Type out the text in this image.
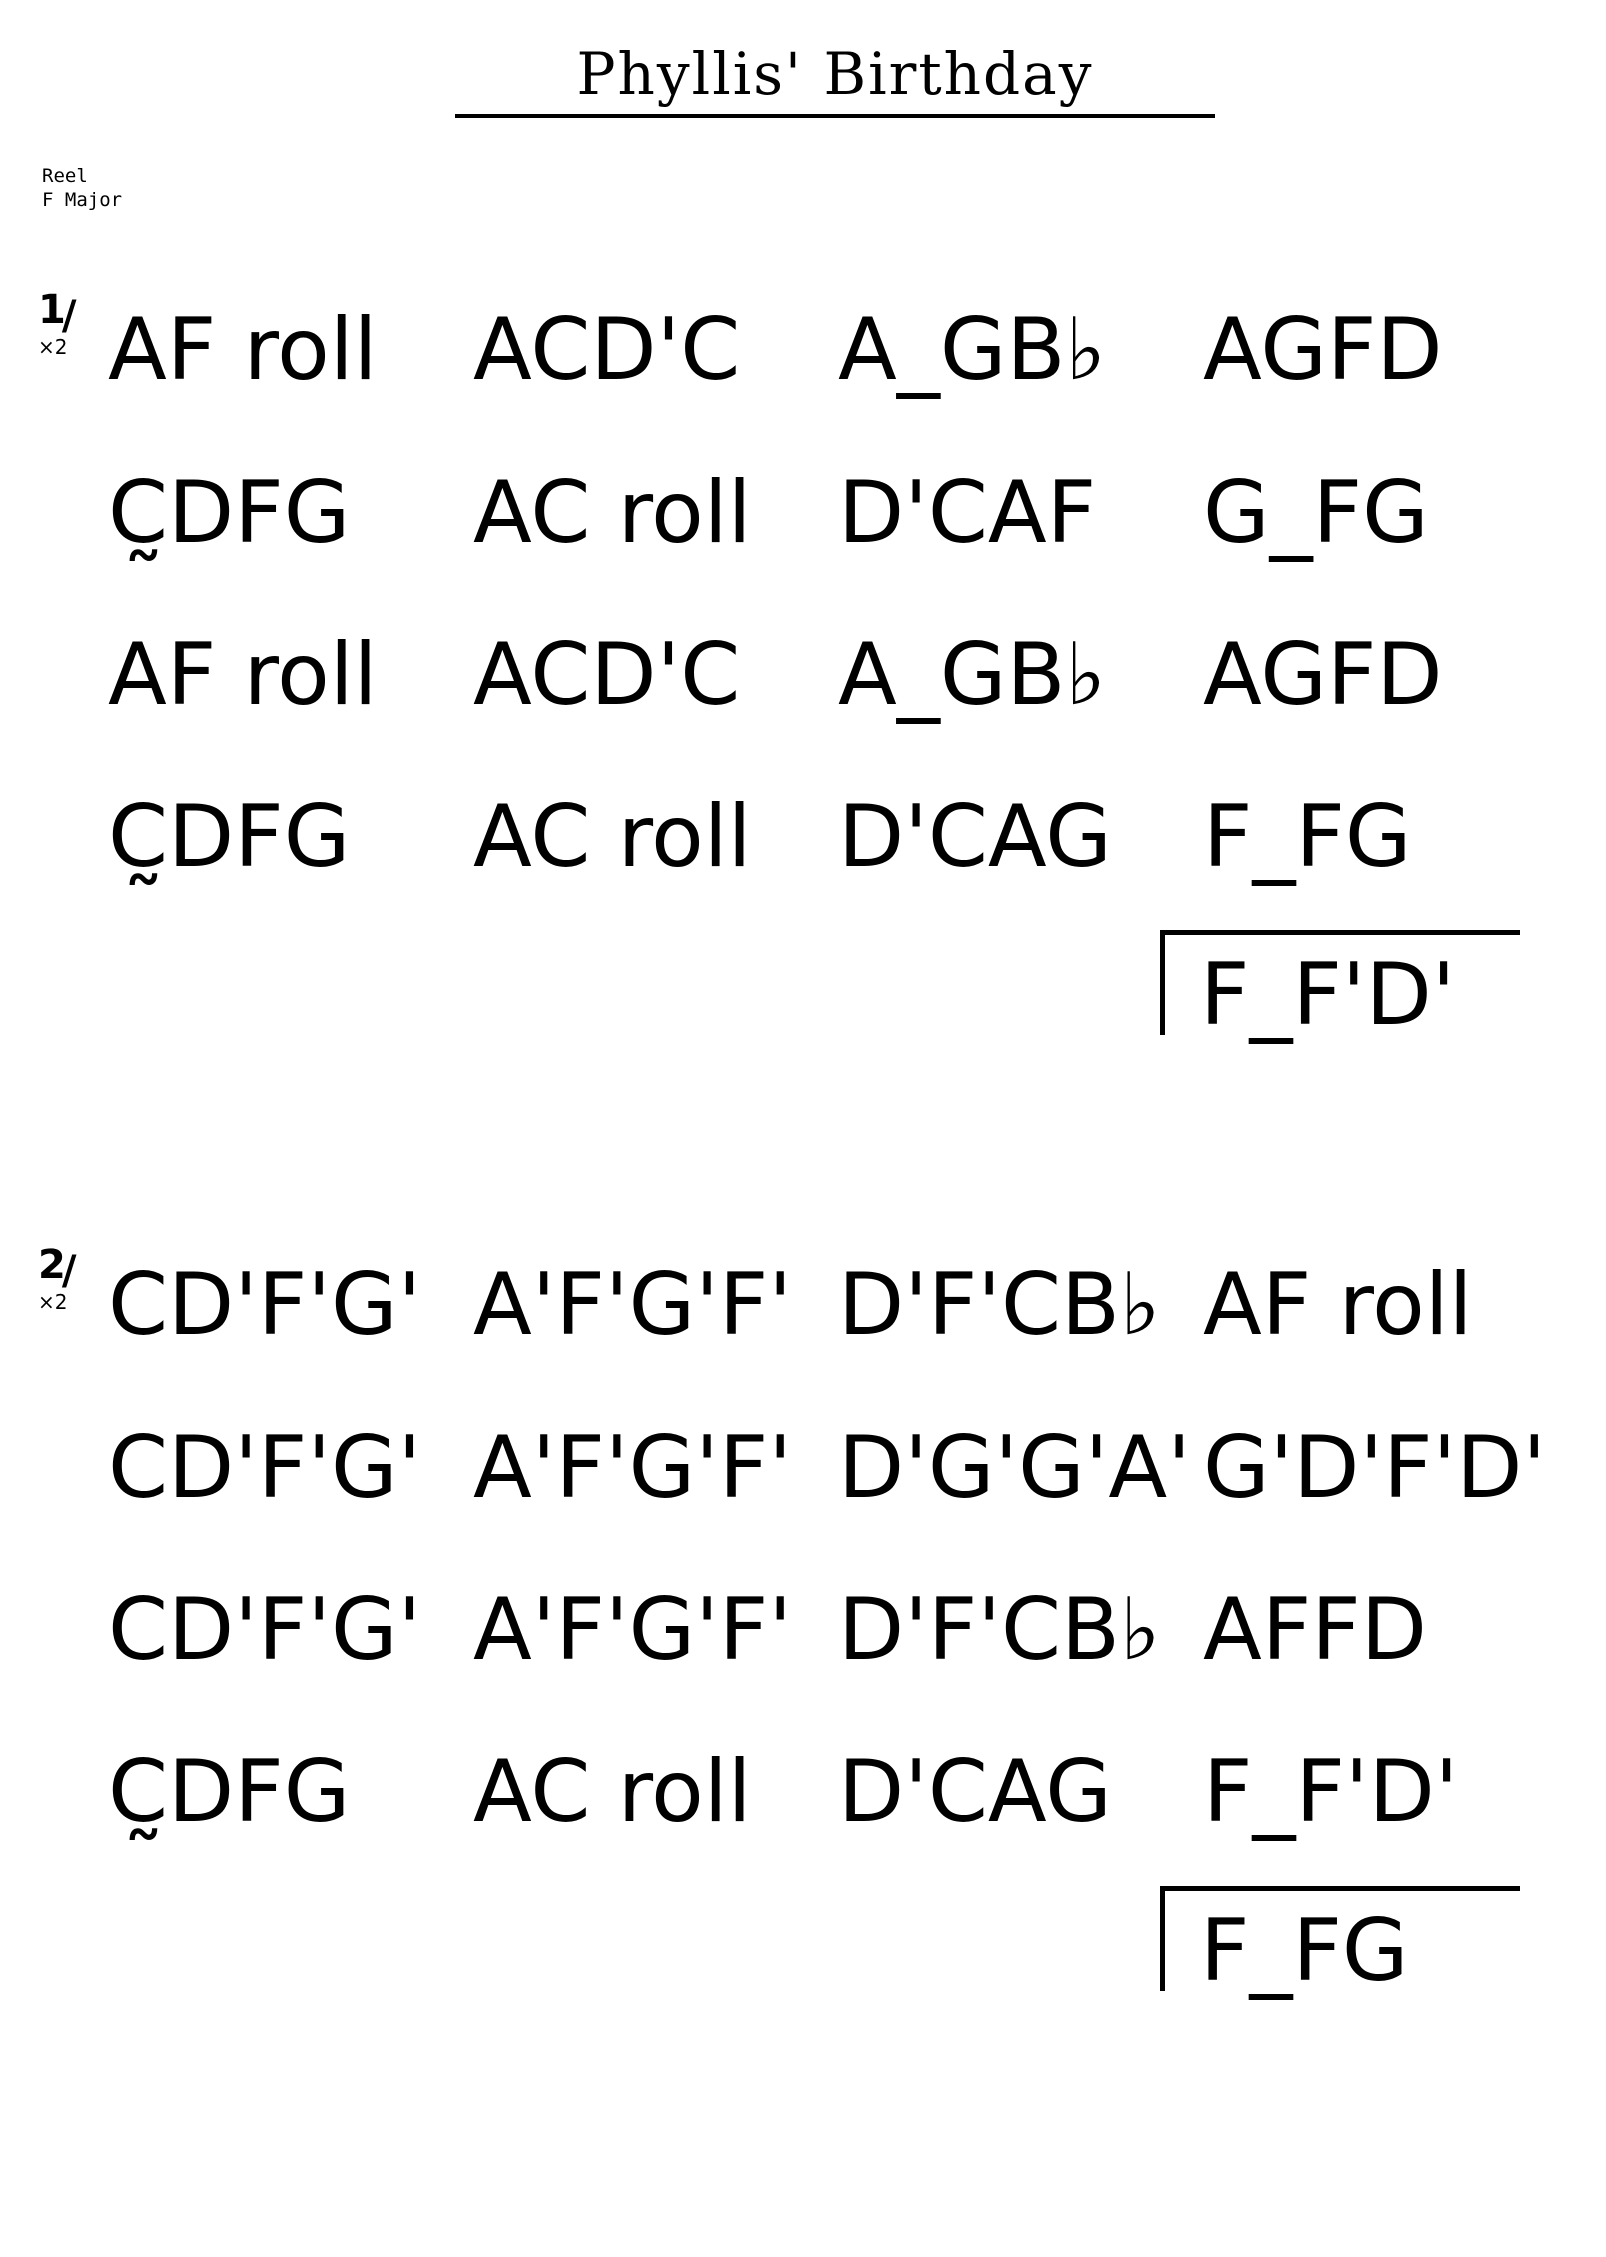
Phyllis' Birthday
Reel
F Major
1/
×2 AF roll	ACD'C	A_GB♭	AGFD
C̰DFG	AC roll	D'CAF	G_FG
AF roll	ACD'C	A_GB♭	AGFD
C̰DFG	AC roll	D'CAG	F_FG
F_F'D'
2/
×2 CD'F'G' A'F'G'F' D'F'CB♭ AF roll
CD'F'G' A'F'G'F' D'G'G'A' G'D'F'D'
CD'F'G' A'F'G'F' D'F'CB♭ AFFD
C̰DFG	AC roll	D'CAG	F_F'D'
F_FG
